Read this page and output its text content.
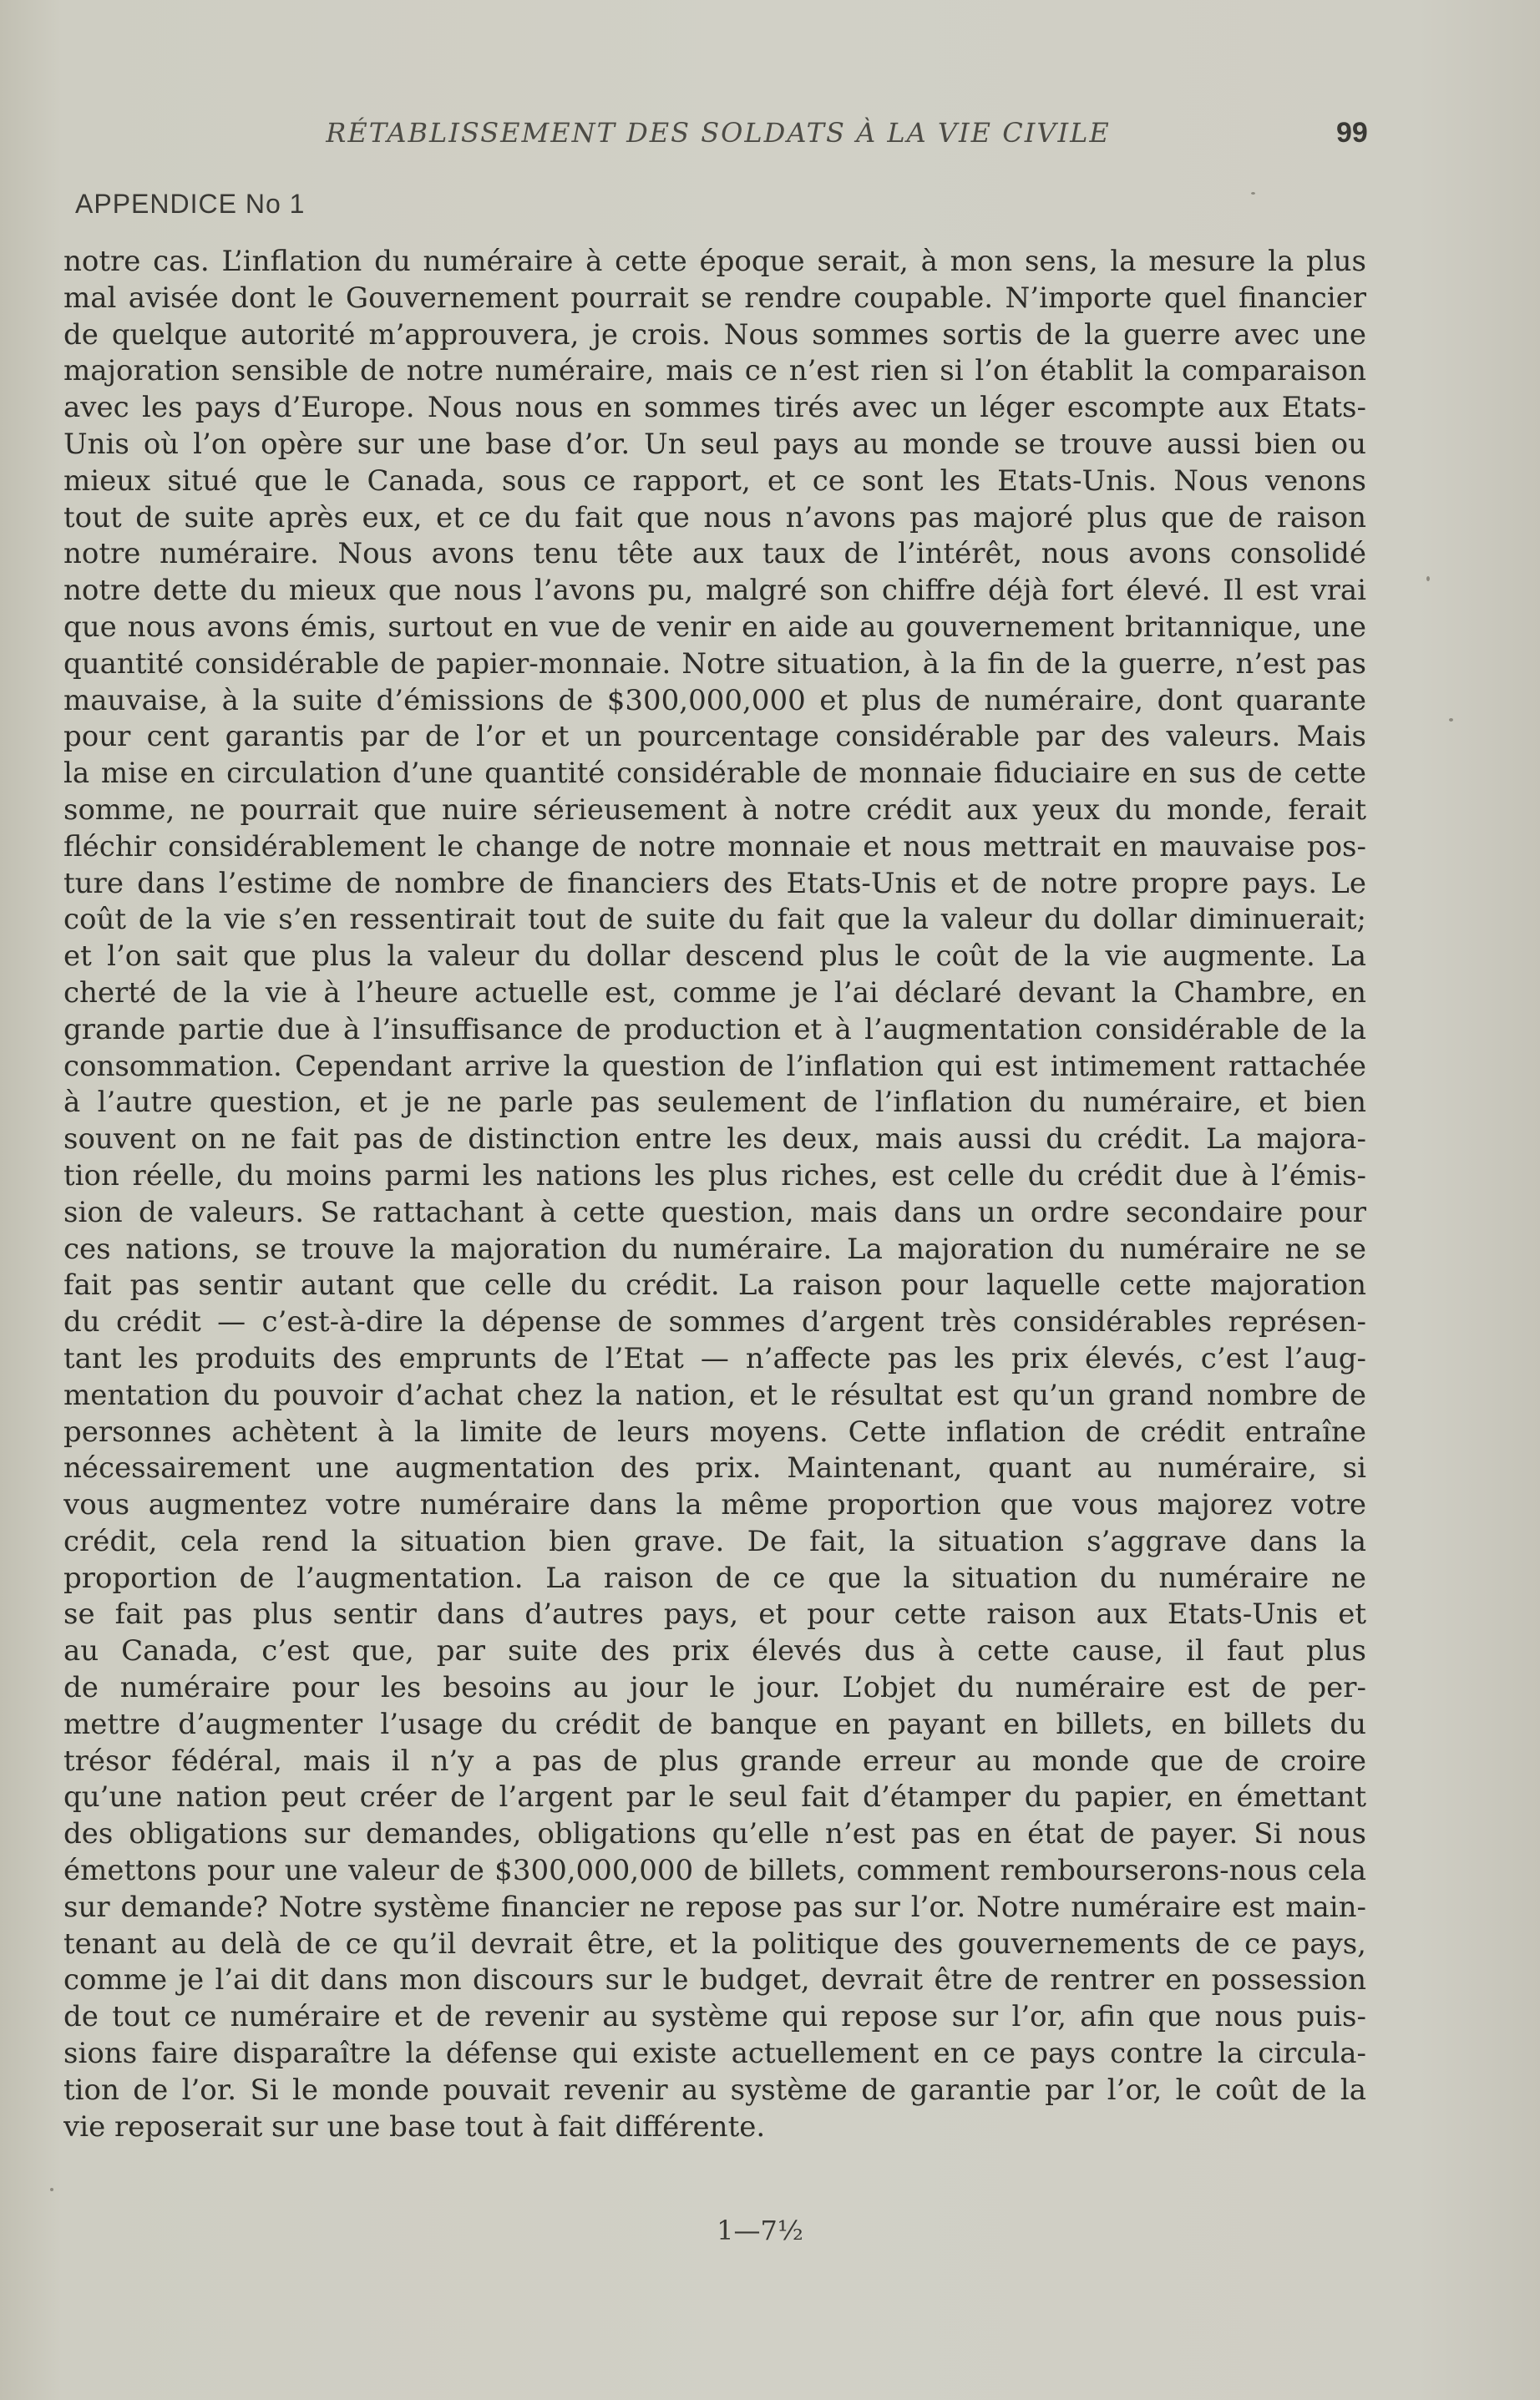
RÉTABLISSEMENT DES SOLDATS À LA VIE CIVILE	99
APPENDICE No 1
notre cas. L’inflation du numéraire à cette époque serait, à mon sens, la mesure la plus
mal avisée dont le Gouvernement pourrait se rendre coupable. N’importe quel financier
de quelque autorité m’approuvera, je crois. Nous sommes sortis de la guerre avec une
majoration sensible de notre numéraire, mais ce n’est rien si l’on établit la comparaison
avec les pays d’Europe. Nous nous en sommes tirés avec un léger escompte aux Etats-
Unis où l’on opère sur une base d’or. Un seul pays au monde se trouve aussi bien ou
mieux situé que le Canada, sous ce rapport, et ce sont les Etats-Unis. Nous venons
tout de suite après eux, et ce du fait que nous n’avons pas majoré plus que de raison
notre numéraire. Nous avons tenu tête aux taux de l’intérêt, nous avons consolidé
notre dette du mieux que nous l’avons pu, malgré son chiffre déjà fort élevé. Il est vrai
que nous avons émis, surtout en vue de venir en aide au gouvernement britannique, une
quantité considérable de papier-monnaie. Notre situation, à la fin de la guerre, n’est pas
mauvaise, à la suite d’émissions de $300,000,000 et plus de numéraire, dont quarante
pour cent garantis par de l’or et un pourcentage considérable par des valeurs. Mais
la mise en circulation d’une quantité considérable de monnaie fiduciaire en sus de cette
somme, ne pourrait que nuire sérieusement à notre crédit aux yeux du monde, ferait
fléchir considérablement le change de notre monnaie et nous mettrait en mauvaise pos-
ture dans l’estime de nombre de financiers des Etats-Unis et de notre propre pays. Le
coût de la vie s’en ressentirait tout de suite du fait que la valeur du dollar diminuerait;
et l’on sait que plus la valeur du dollar descend plus le coût de la vie augmente. La
cherté de la vie à l’heure actuelle est, comme je l’ai déclaré devant la Chambre, en
grande partie due à l’insuffisance de production et à l’augmentation considérable de la
consommation. Cependant arrive la question de l’inflation qui est intimement rattachée
à l’autre question, et je ne parle pas seulement de l’inflation du numéraire, et bien
souvent on ne fait pas de distinction entre les deux, mais aussi du crédit. La majora-
tion réelle, du moins parmi les nations les plus riches, est celle du crédit due à l’émis-
sion de valeurs. Se rattachant à cette question, mais dans un ordre secondaire pour
ces nations, se trouve la majoration du numéraire. La majoration du numéraire ne se
fait pas sentir autant que celle du crédit. La raison pour laquelle cette majoration
du crédit — c’est-à-dire la dépense de sommes d’argent très considérables représen-
tant les produits des emprunts de l’Etat — n’affecte pas les prix élevés, c’est l’aug-
mentation du pouvoir d’achat chez la nation, et le résultat est qu’un grand nombre de
personnes achètent à la limite de leurs moyens. Cette inflation de crédit entraîne
nécessairement une augmentation des prix. Maintenant, quant au numéraire, si
vous augmentez votre numéraire dans la même proportion que vous majorez votre
crédit, cela rend la situation bien grave. De fait, la situation s’aggrave dans la
proportion de l’augmentation. La raison de ce que la situation du numéraire ne
se fait pas plus sentir dans d’autres pays, et pour cette raison aux Etats-Unis et
au Canada, c’est que, par suite des prix élevés dus à cette cause, il faut plus
de numéraire pour les besoins au jour le jour. L’objet du numéraire est de per-
mettre d’augmenter l’usage du crédit de banque en payant en billets, en billets du
trésor fédéral, mais il n’y a pas de plus grande erreur au monde que de croire
qu’une nation peut créer de l’argent par le seul fait d’étamper du papier, en émettant
des obligations sur demandes, obligations qu’elle n’est pas en état de payer. Si nous
émettons pour une valeur de $300,000,000 de billets, comment rembourserons-nous cela
sur demande? Notre système financier ne repose pas sur l’or. Notre numéraire est main-
tenant au delà de ce qu’il devrait être, et la politique des gouvernements de ce pays,
comme je l’ai dit dans mon discours sur le budget, devrait être de rentrer en possession
de tout ce numéraire et de revenir au système qui repose sur l’or, afin que nous puis-
sions faire disparaître la défense qui existe actuellement en ce pays contre la circula-
tion de l’or. Si le monde pouvait revenir au système de garantie par l’or, le coût de la
vie reposerait sur une base tout à fait différente.
1—7½
